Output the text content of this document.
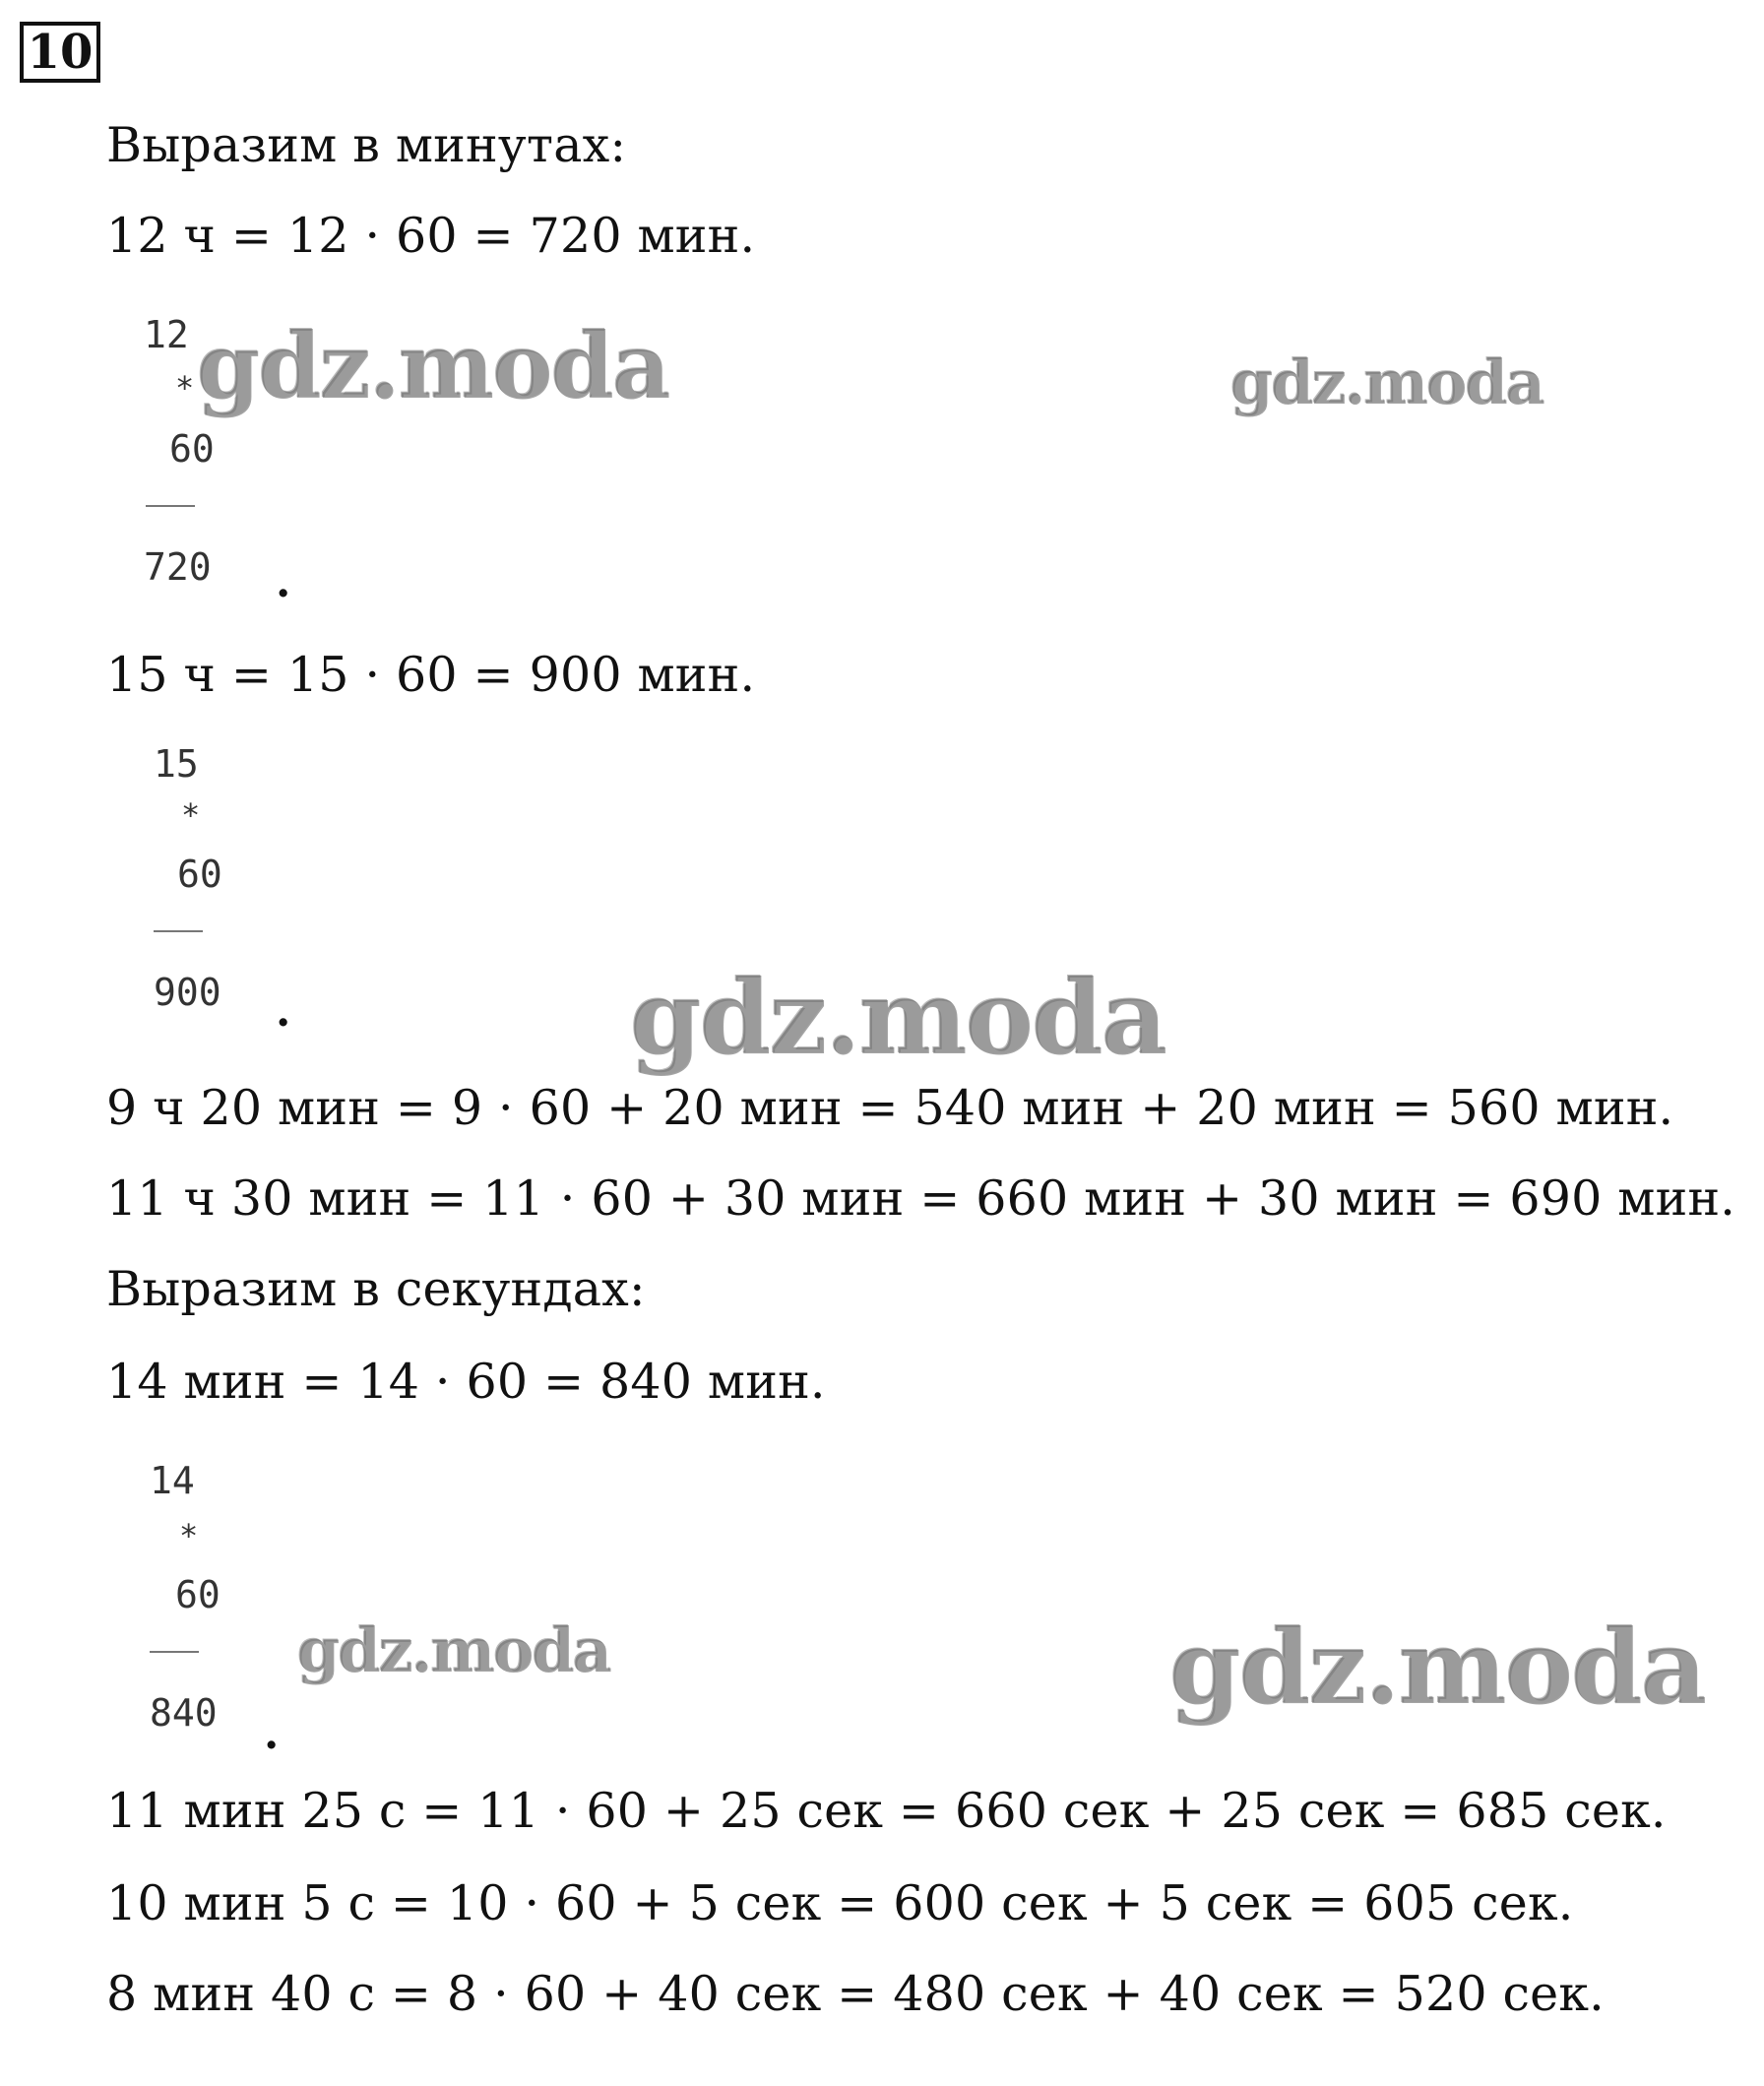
10
Выразим в минутах:
12 ч = 12 · 60 = 720 мин.
12
*
60
720 .
15 ч = 15 · 60 = 900 мин.
15
*
60
900 .
9 ч 20 мин = 9 · 60 + 20 мин = 540 мин + 20 мин = 560 мин.
11 ч 30 мин = 11 · 60 + 30 мин = 660 мин + 30 мин = 690 мин.
Выразим в секундах:
14 мин = 14 · 60 = 840 мин.
14
*
60
840 .
11 мин 25 с = 11 · 60 + 25 сек = 660 сек + 25 сек = 685 сек.
10 мин 5 с = 10 · 60 + 5 сек = 600 сек + 5 сек = 605 сек.
8 мин 40 с = 8 · 60 + 40 сек = 480 сек + 40 сек = 520 сек.
gdz.moda	gdz.moda
gdz.moda
gdz.moda	gdz.moda
